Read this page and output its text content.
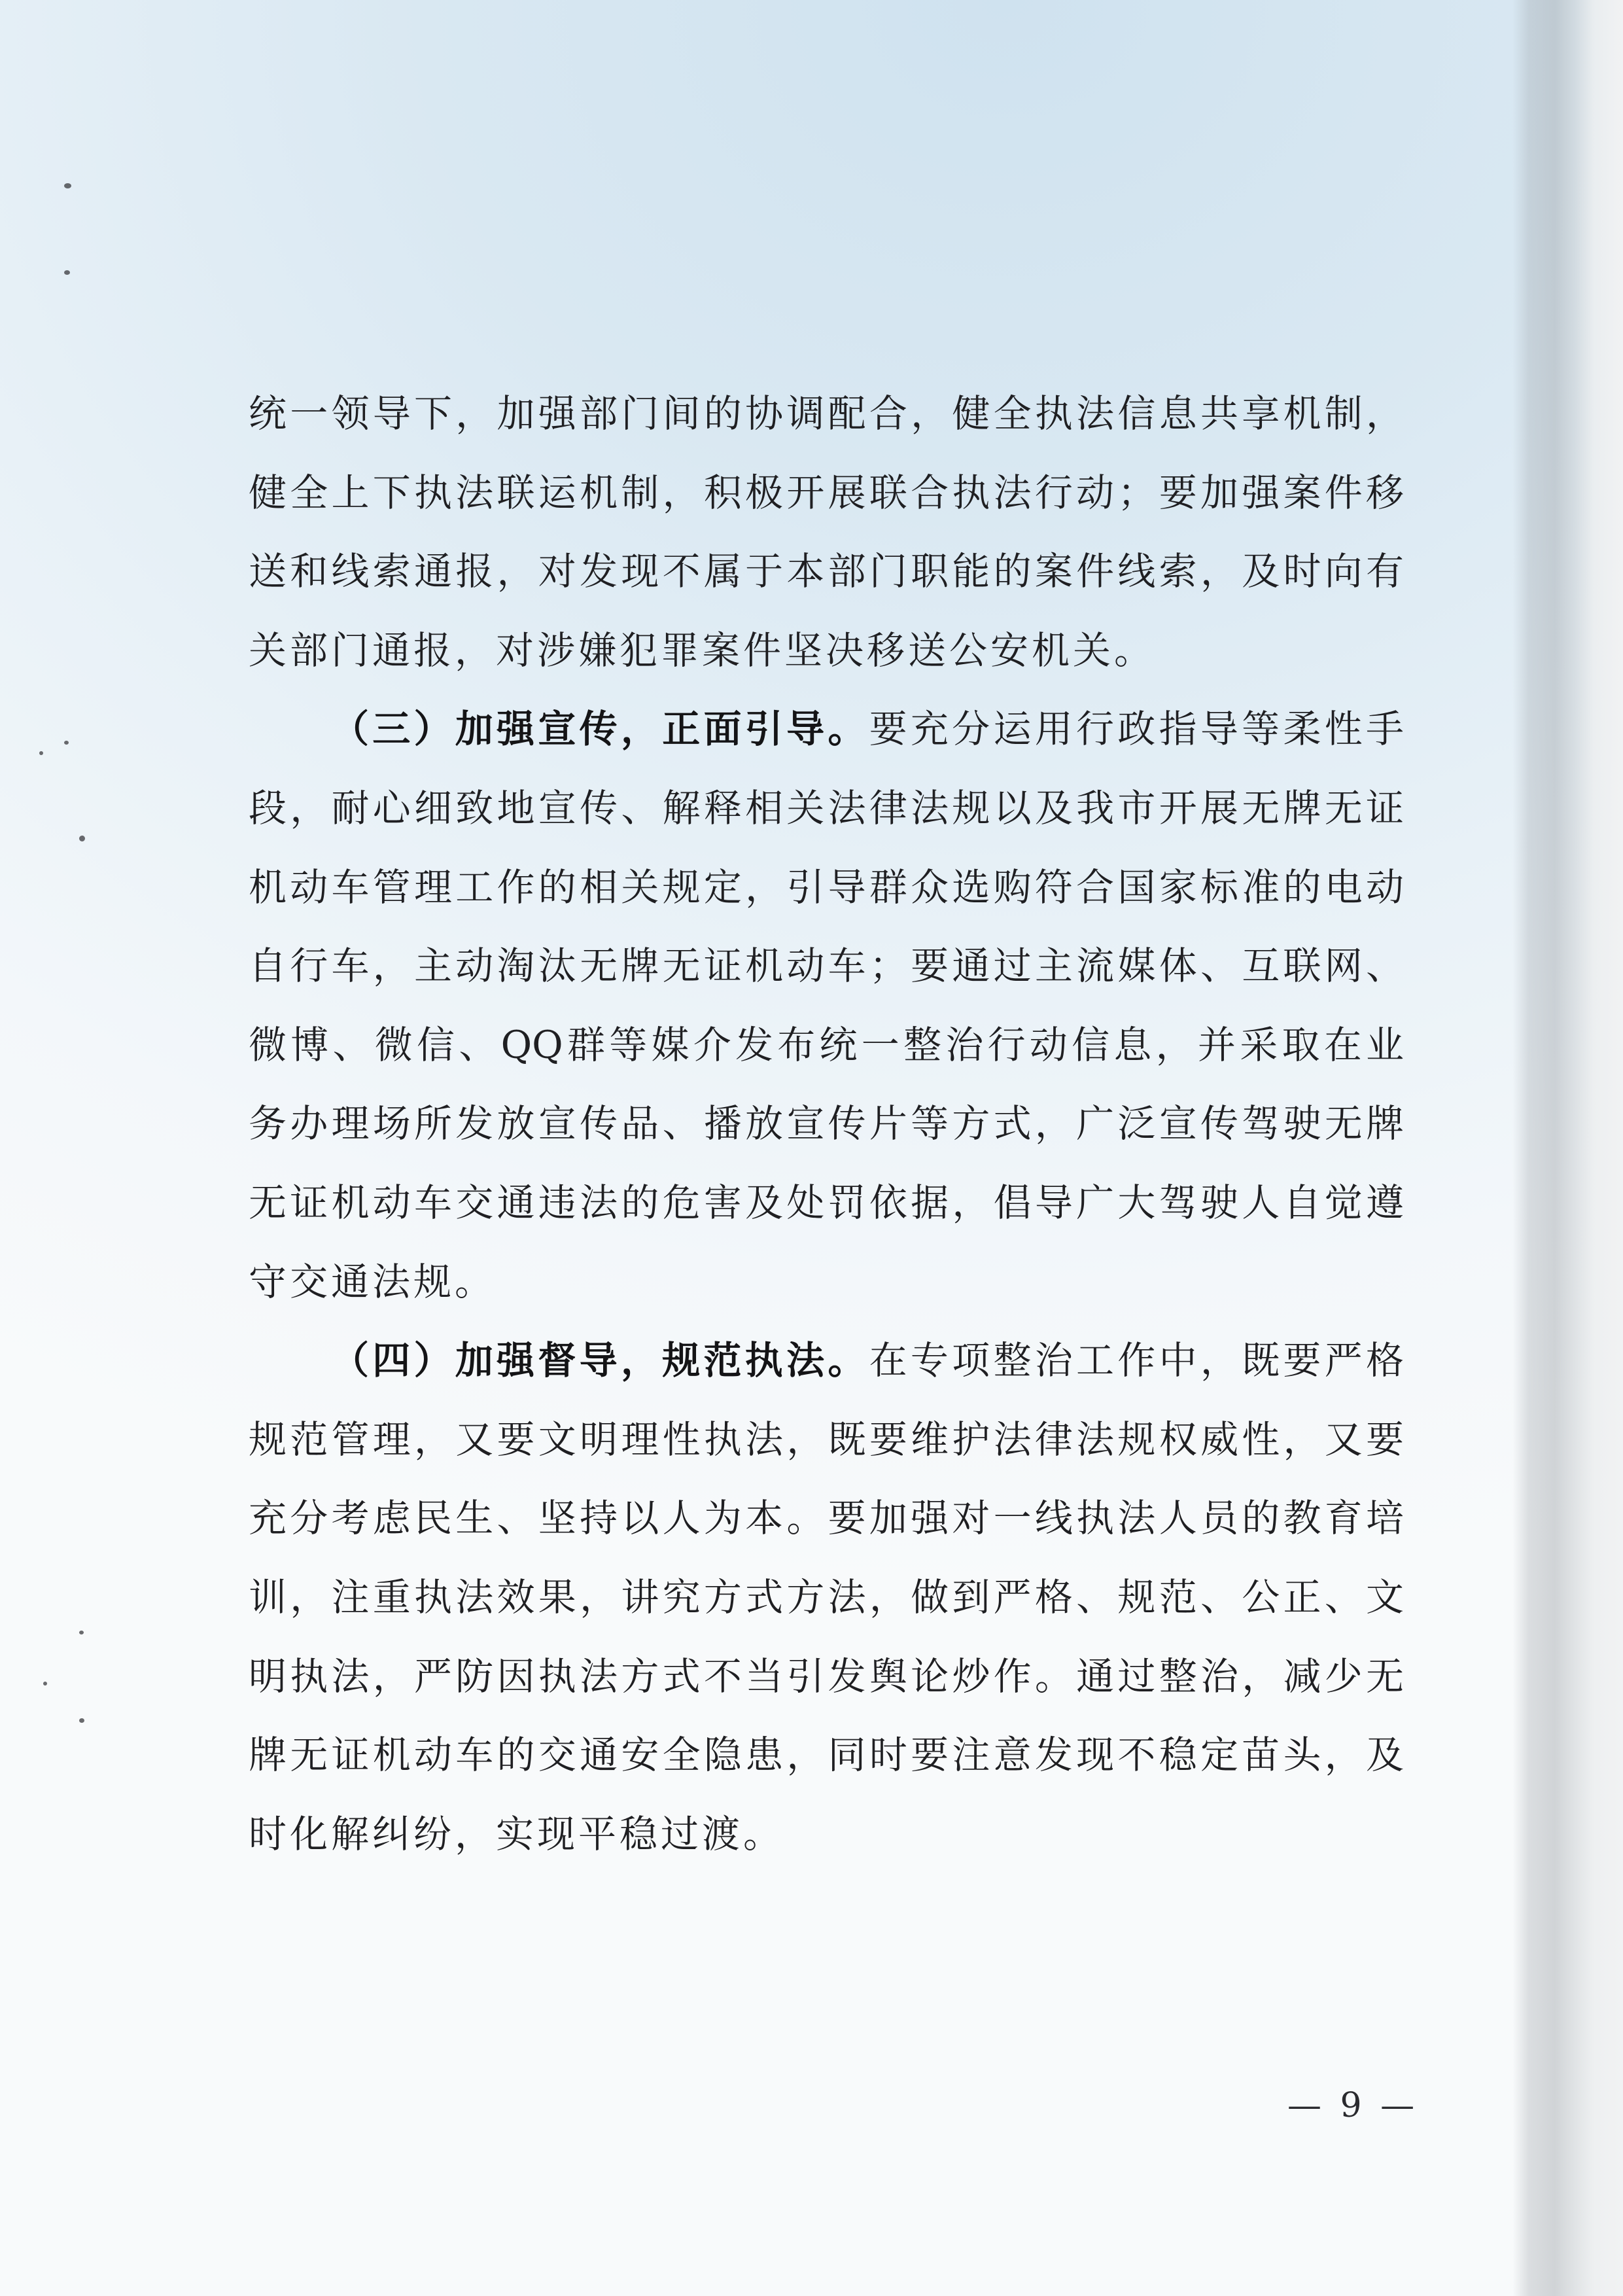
统一领导下，加强部门间的协调配合，健全执法信息共享机制，
健全上下执法联运机制，积极开展联合执法行动；要加强案件移
送和线索通报，对发现不属于本部门职能的案件线索，及时向有
关部门通报，对涉嫌犯罪案件坚决移送公安机关。
（三）加强宣传，正面引导。要充分运用行政指导等柔性手
段，耐心细致地宣传、解释相关法律法规以及我市开展无牌无证
机动车管理工作的相关规定，引导群众选购符合国家标准的电动
自行车，主动淘汰无牌无证机动车；要通过主流媒体、互联网、
微博、微信、QQ群等媒介发布统一整治行动信息，并采取在业
务办理场所发放宣传品、播放宣传片等方式，广泛宣传驾驶无牌
无证机动车交通违法的危害及处罚依据，倡导广大驾驶人自觉遵
守交通法规。
（四）加强督导，规范执法。在专项整治工作中，既要严格
规范管理，又要文明理性执法，既要维护法律法规权威性，又要
充分考虑民生、坚持以人为本。要加强对一线执法人员的教育培
训，注重执法效果，讲究方式方法，做到严格、规范、公正、文
明执法，严防因执法方式不当引发舆论炒作。通过整治，减少无
牌无证机动车的交通安全隐患，同时要注意发现不稳定苗头，及
时化解纠纷，实现平稳过渡。
— 9 —
